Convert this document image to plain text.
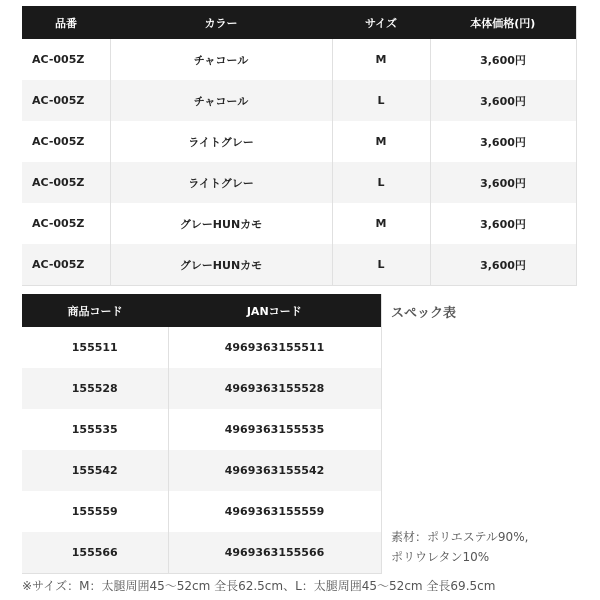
品番	カラー	サイズ	本体価格(円)
AC-005Z	チャコール	M	3,600円
AC-005Z	チャコール	L	3,600円
AC-005Z	ライトグレー	M	3,600円
AC-005Z	ライトグレー	L	3,600円
AC-005Z	グレーHUNカモ	M	3,600円
AC-005Z	グレーHUNカモ	L	3,600円
商品コード	JANコード
155511	4969363155511
155528	4969363155528
155535	4969363155535
155542	4969363155542
155559	4969363155559
155566	4969363155566
スペック表
素材：ポリエステル90%,
ポリウレタン10%
※サイズ：M：太腿周囲45～52cm 全長62.5cm、L：太腿周囲45～52cm 全長69.5cm
